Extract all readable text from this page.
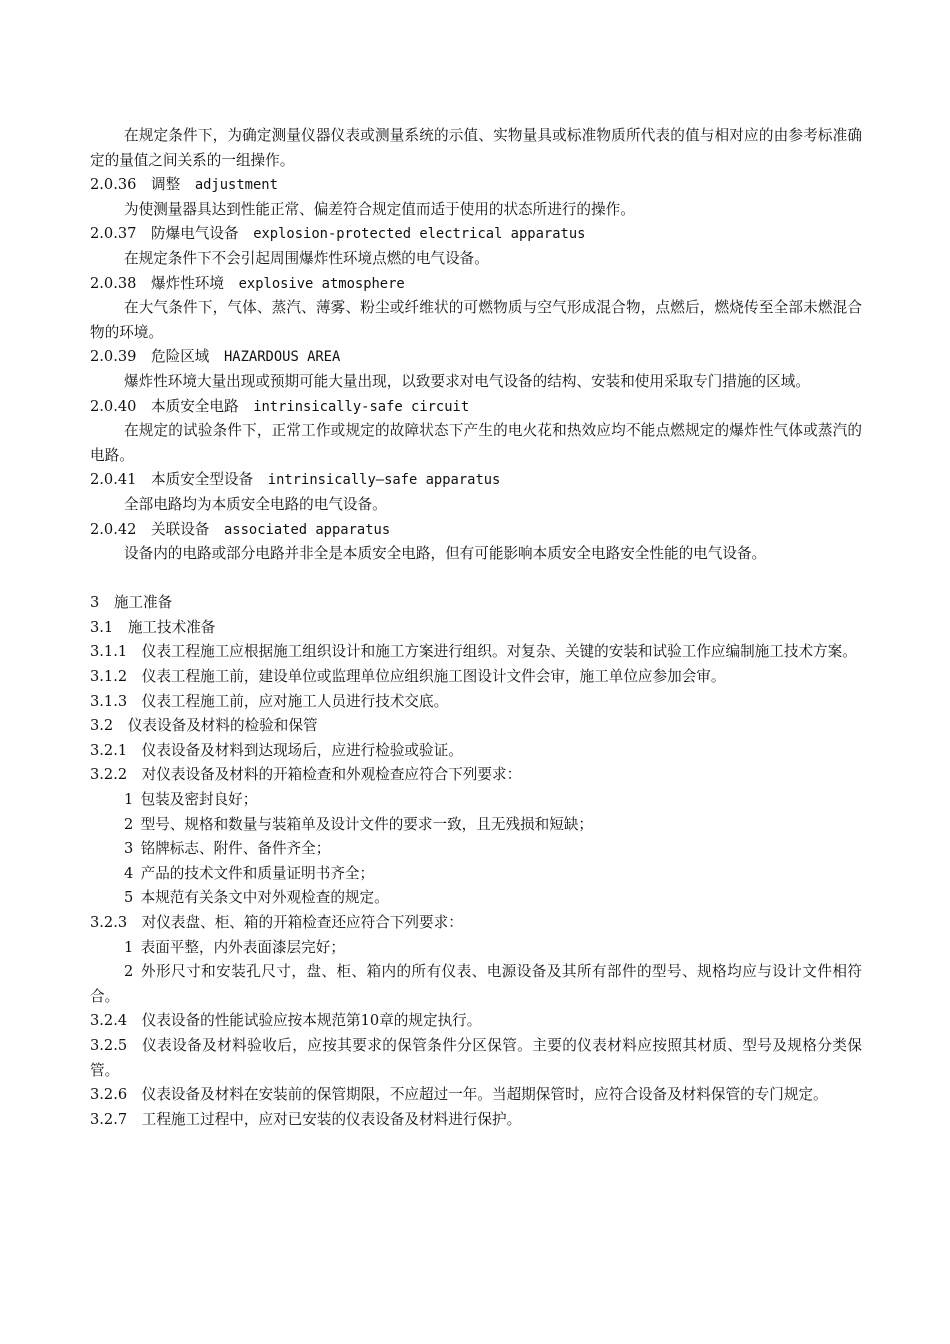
在规定条件下，为确定测量仪器仪表或测量系统的示值、实物量具或标准物质所代表的值与相对应的由参考标准确定的量值之间关系的一组操作。
2.0.36  调整  adjustment
为使测量器具达到性能正常、偏差符合规定值而适于使用的状态所进行的操作。
2.0.37  防爆电气设备  explosion-protected electrical apparatus
在规定条件下不会引起周围爆炸性环境点燃的电气设备。
2.0.38  爆炸性环境  explosive atmosphere
在大气条件下，气体、蒸汽、薄雾、粉尘或纤维状的可燃物质与空气形成混合物，点燃后，燃烧传至全部未燃混合物的环境。
2.0.39  危险区域  HAZARDOUS AREA
爆炸性环境大量出现或预期可能大量出现，以致要求对电气设备的结构、安装和使用采取专门措施的区域。
2.0.40  本质安全电路  intrinsically-safe circuit
在规定的试验条件下，正常工作或规定的故障状态下产生的电火花和热效应均不能点燃规定的爆炸性气体或蒸汽的电路。
2.0.41  本质安全型设备  intrinsically—safe apparatus
全部电路均为本质安全电路的电气设备。
2.0.42  关联设备  associated apparatus
设备内的电路或部分电路并非全是本质安全电路，但有可能影响本质安全电路安全性能的电气设备。
3  施工准备
3.1  施工技术准备
3.1.1  仪表工程施工应根据施工组织设计和施工方案进行组织。对复杂、关键的安装和试验工作应编制施工技术方案。
3.1.2  仪表工程施工前，建设单位或监理单位应组织施工图设计文件会审，施工单位应参加会审。
3.1.3  仪表工程施工前，应对施工人员进行技术交底。
3.2  仪表设备及材料的检验和保管
3.2.1  仪表设备及材料到达现场后，应进行检验或验证。
3.2.2  对仪表设备及材料的开箱检查和外观检查应符合下列要求：
1  包装及密封良好；
2  型号、规格和数量与装箱单及设计文件的要求一致，且无残损和短缺；
3  铭牌标志、附件、备件齐全；
4  产品的技术文件和质量证明书齐全；
5  本规范有关条文中对外观检查的规定。
3.2.3  对仪表盘、柜、箱的开箱检查还应符合下列要求：
1  表面平整，内外表面漆层完好；
2  外形尺寸和安装孔尺寸，盘、柜、箱内的所有仪表、电源设备及其所有部件的型号、规格均应与设计文件相符合。
3.2.4  仪表设备的性能试验应按本规范第10章的规定执行。
3.2.5  仪表设备及材料验收后，应按其要求的保管条件分区保管。主要的仪表材料应按照其材质、型号及规格分类保管。
3.2.6  仪表设备及材料在安装前的保管期限，不应超过一年。当超期保管时，应符合设备及材料保管的专门规定。
3.2.7  工程施工过程中，应对已安装的仪表设备及材料进行保护。
